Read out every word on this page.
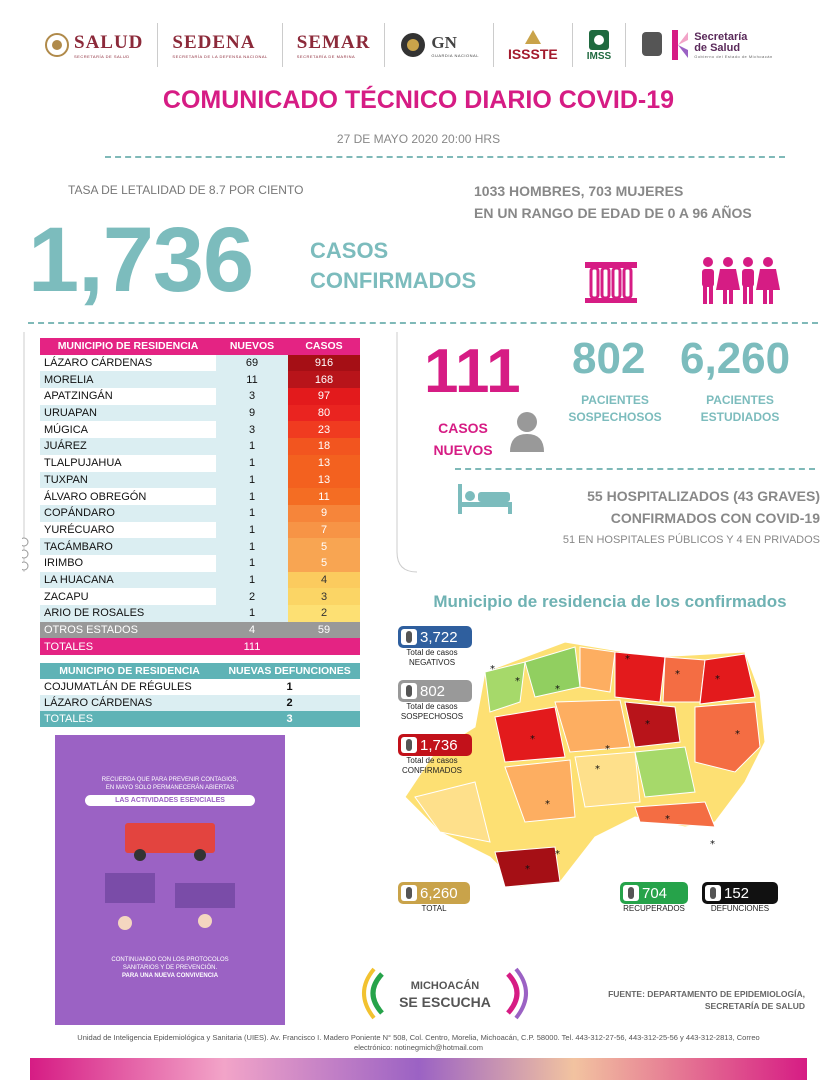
SALUD
SECRETARÍA DE SALUD
SEDENA
SECRETARÍA DE LA DEFENSA NACIONAL
SEMAR
SECRETARÍA DE MARINA
GN
GUARDIA NACIONAL ISSSTE	IMSS
Secretaría
de Salud
Gobierno del Estado de Michoacán
COMUNICADO TÉCNICO DIARIO COVID-19
27 DE MAYO 2020 20:00 HRS
TASA DE LETALIDAD DE 8.7 POR CIENTO	1033 HOMBRES, 703 MUJERES
EN UN RANGO DE EDAD DE 0 A 96 AÑOS
1,736	CASOS
CONFIRMADOS
MUNICIPIO DE RESIDENCIA	NUEVOS	CASOS
LÁZARO CÁRDENAS	69	916
MORELIA	11	168
APATZINGÁN	3	97
URUAPAN	9	80
MÚGICA	3	23
JUÁREZ	1	18
TLALPUJAHUA	1	13
TUXPAN	1	13
ÁLVARO OBREGÓN	1	11
COPÁNDARO	1	9
YURÉCUARO	1	7
TACÁMBARO	1	5
IRIMBO	1	5
LA HUACANA	1	4
ZACAPU	2	3
ARIO DE ROSALES	1	2
OTROS ESTADOS	4	59
TOTALES	111	
MUNICIPIO DE RESIDENCIA	NUEVAS DEFUNCIONES
COJUMATLÁN DE RÉGULES	1
LÁZARO CÁRDENAS	2
TOTALES	3
111
CASOS
NUEVOS
802
PACIENTES
SOSPECHOSOS
6,260
PACIENTES
ESTUDIADOS
55 HOSPITALIZADOS (43 GRAVES)
CONFIRMADOS CON COVID-19
51 EN HOSPITALES PÚBLICOS Y 4 EN PRIVADOS
Municipio de residencia de los confirmados
*
*
*
*
*	*
*
*
*
*
*
*
*
*
*
*
3,722
Total de casos
NEGATIVOS
802
Total de casos
SOSPECHOSOS
1,736
Total de casos
CONFIRMADOS
6,260
TOTAL
704
RECUPERADOS
152
DEFUNCIONES
RECUERDA QUE PARA PREVENIR CONTAGIOS,
EN MAYO SOLO PERMANECERÁN ABIERTAS
LAS ACTIVIDADES ESENCIALES
CONTINUANDO CON LOS PROTOCOLOS
SANITARIOS Y DE PREVENCIÓN.
PARA UNA NUEVA CONVIVENCIA
MICHOACÁN
SE ESCUCHA	FUENTE: DEPARTAMENTO DE EPIDEMIOLOGÍA,
SECRETARÍA DE SALUD
Unidad de Inteligencia Epidemiológica y Sanitaria (UIES). Av. Francisco I. Madero Poniente N° 508, Col. Centro, Morelia, Michoacán, C.P. 58000. Tel. 443-312-27-56, 443-312-25-56 y 443-312-2813, Correo
electrónico: notinegmich@hotmail.com
